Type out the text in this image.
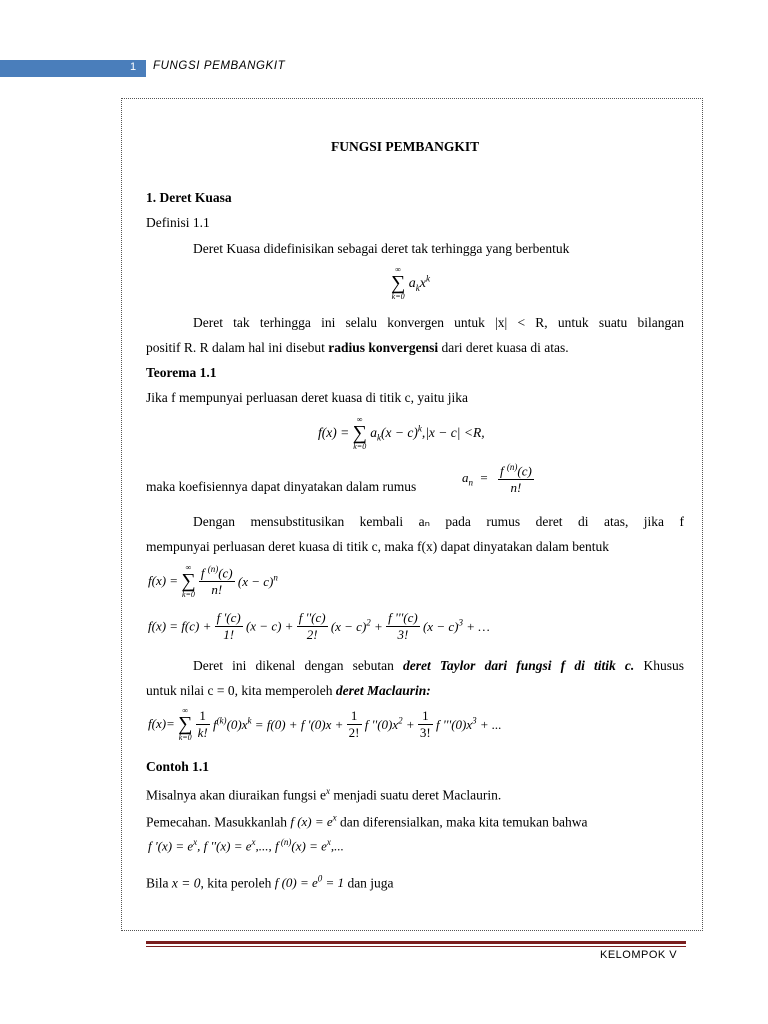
1	FUNGSI PEMBANGKIT
FUNGSI PEMBANGKIT
1. Deret Kuasa
Definisi 1.1
Deret Kuasa didefinisikan sebagai deret tak terhingga yang berbentuk
∞
∑
k=0
$a_kx^k$
Deret tak terhingga ini selalu konvergen untuk |x| < R, untuk suatu bilangan
positif R. R dalam hal ini disebut radius konvergensi dari deret kuasa di atas.
Teorema 1.1
Jika f mempunyai perluasan deret kuasa di titik c, yaitu jika
f(x) =
∞
∑
k=0
$a_k(x - c)^k,|x - c| <R$,
maka koefisiennya dapat dinyatakan dalam rumus
$a_n = \frac{f ^{(n)}(c)}{n!}$
Dengan mensubstitusikan kembali aₙ pada rumus deret di atas, jika f
mempunyai perluasan deret kuasa di titik c, maka f(x) dapat dinyatakan dalam bentuk
f(x) =
∞
∑
k=0
$\frac{f ^{(n)}(c)}{n!} (x - c)^n$
$f(x) = f(c) + \frac{f '(c)}{1!} (x - c) + \frac{f ''(c)}{2!} (x - c)^2 + \frac{f '''(c)}{3!} (x - c)^3$ + …
Deret ini dikenal dengan sebutan deret Taylor dari fungsi f di titik c. Khusus
untuk nilai c = 0, kita memperoleh deret Maclaurin:
f(x)=
∞
∑
k=0
$\frac{1}{k!} f^{(k)}(0)x^k = f(0) + f$ '$(0)x + \frac{1}{2!}$ f ''$(0)x^2 + \frac{1}{3!}$ f '''$(0)x^3$ + ...
Contoh 1.1
Misalnya akan diuraikan fungsi $e^x$ menjadi suatu deret Maclaurin.
Pemecahan. Masukkanlah f $(x) = e^x$ dan diferensialkan, maka kita temukan bahwa
f '$(x) = e^x$, f ''$(x) = e^x$,..., f $^{(n)}(x) = e^x$,...
Bila x = 0, kita peroleh f $(0) = e^0 = 1$ dan juga
KELOMPOK V
